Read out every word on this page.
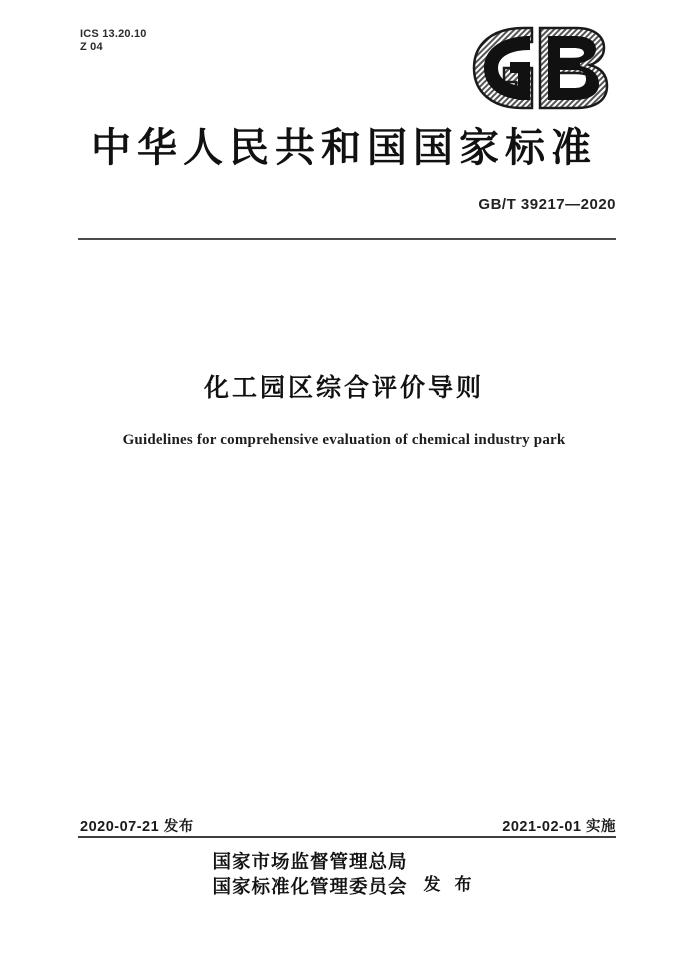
ICS 13.20.10
Z 04
中华人民共和国国家标准
GB/T 39217—2020
化工园区综合评价导则
Guidelines for comprehensive evaluation of chemical industry park
2020-07-21 发布	2021-02-01 实施
国家市场监督管理总局
国家标准化管理委员会 发 布
